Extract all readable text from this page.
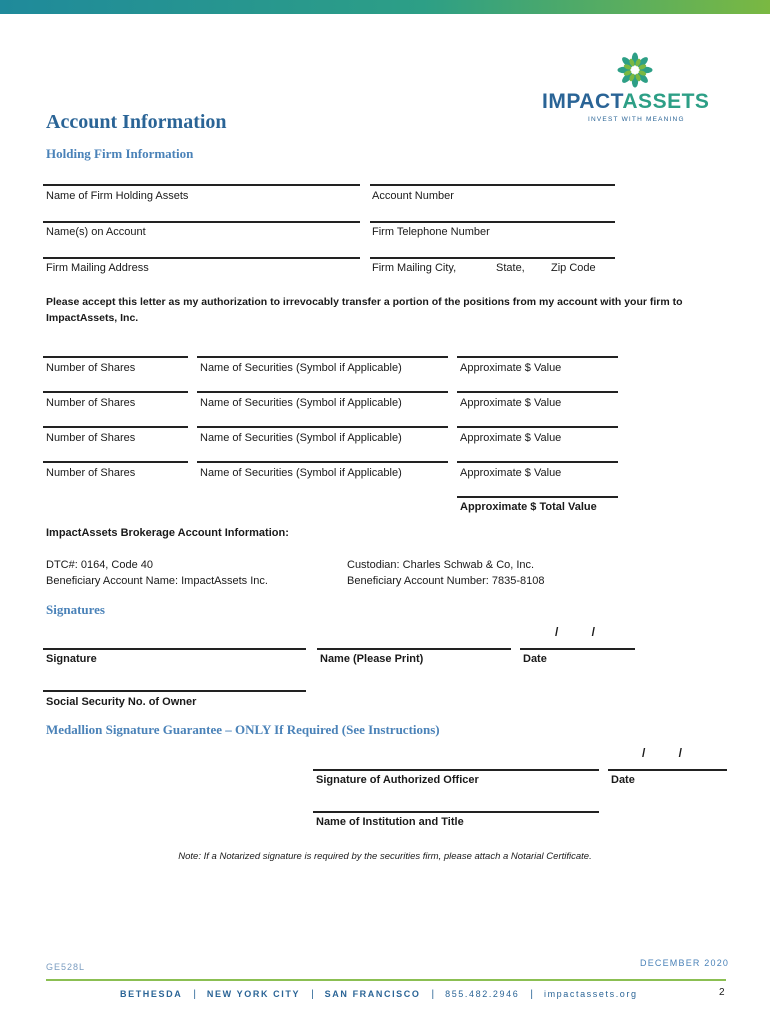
IMPACTASSETS
INVEST WITH MEANING
Account Information
Holding Firm Information
Name of Firm Holding Assets	Account Number
Name(s) on Account	Firm Telephone Number
Firm Mailing Address	Firm Mailing City,	State, Zip Code
Please accept this letter as my authorization to irrevocably transfer a portion of the positions from my account with your firm to
ImpactAssets, Inc.
Number of Shares	Name of Securities (Symbol if Applicable)	Approximate $ Value
Number of Shares	Name of Securities (Symbol if Applicable)	Approximate $ Value
Number of Shares	Name of Securities (Symbol if Applicable)	Approximate $ Value
Number of Shares	Name of Securities (Symbol if Applicable)	Approximate $ Value
Approximate $ Total Value
ImpactAssets Brokerage Account Information:
DTC#: 0164, Code 40
Beneficiary Account Name: ImpactAssets Inc.
Custodian: Charles Schwab & Co, Inc.
Beneficiary Account Number: 7835-8108
Signatures
/          /
Signature	Name (Please Print)	Date
Social Security No. of Owner
Medallion Signature Guarantee – ONLY If Required (See Instructions)
/          /
Signature of Authorized Officer	Date
Name of Institution and Title
Note: If a Notarized signature is required by the securities firm, please attach a Notarial Certificate.
GE528L	DECEMBER 2020
BETHESDA | NEW YORK CITY | SAN FRANCISCO | 855.482.2946 | impactassets.org	2
